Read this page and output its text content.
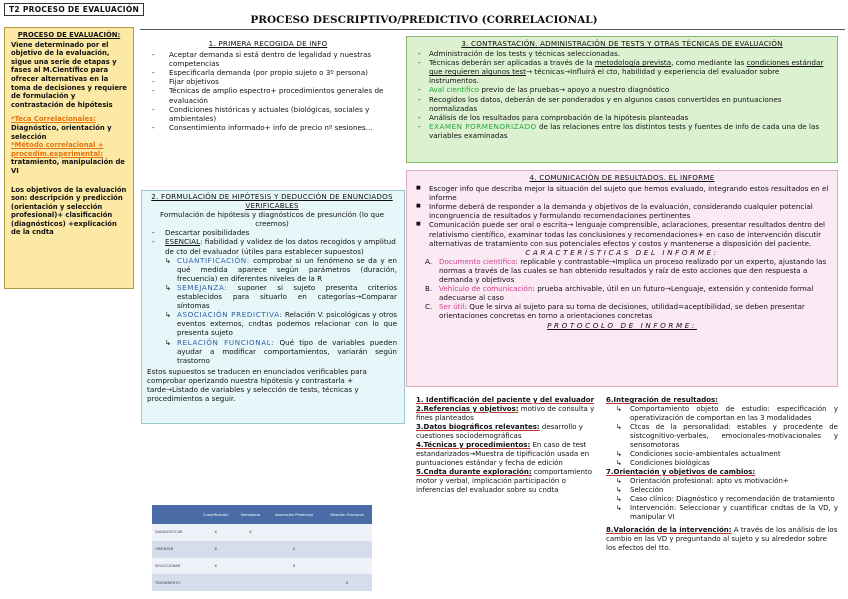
T2 PROCESO DE EVALUACIÓN
PROCESO DESCRIPTIVO/PREDICTIVO (CORRELACIONAL)
PROCESO DE EVALUACIÓN:
Viene determinado por el objetivo de la evaluación, sigue una serie de etapas y fases al M.Científico para ofrecer alternativas en la toma de decisiones y requiere de formulación y contrastación de hipótesis
*Teca Correlacionales:
Diagnóstico, orientación y selección
*Método correlacional + procedim.experimental:
tratamiento, manipulación de VI
Los objetivos de la evaluación son: descripción y predicción (orientación y selección profesional)+ clasificación (diagnósticos) +explicación de la cndta
1. PRIMERA RECOGIDA DE INFO
- Aceptar demanda si está dentro de legalidad y nuestras competencias
- Especificarla demanda (por propio sujeto o 3º persona)
- Fijar objetivos
- Técnicas de amplio espectro+ procedimientos generales de evaluación
- Condiciones históricas y actuales (biológicas, sociales y ambientales)
- Consentimiento informado+ info de precio nº sesiones…
2. FORMULACIÓN DE HIPÓTESIS Y DEDUCCIÓN DE ENUNCIADOS VERIFICABLES
Formulación de hipótesis y diagnósticos de presunción (lo que creemos)
- Descartar posibilidades
- ESENCIAL: fiabilidad y validez de los datos recogidos y amplitud de cto del evaluador (útiles para establecer supuestos)
↳ CUANTIFICACIÓN: comprobar si un fenómeno se da y en qué medida aparece según parámetros (duración, frecuencia) en diferentes niveles de la R
↳ SEMEJANZA: suponer si sujeto presenta criterios establecidos para situarlo en categorías→Comparar síntomas
↳ ASOCIACIÓN PREDICTIVA: Relación V. psicológicas y otros eventos externos, cndtas podemos relacionar con lo que presenta sujeto
↳ RELACIÓN FUNCIONAL: Qué tipo de variables pueden ayudar a modificar comportamientos, variarán según trastorno
Estos supuestos se traducen en enunciados verificables para comprobar operizando nuestra hipótesis y contrastarla + tarde→Listado de variables y selección de tests, técnicas y procedimientos a seguir.
	Cuantificación	Semejanza	Asociación Predictiva	Relación Funcional
DIAGNOSTICAR	X	X		
ORIENTAR	X		X	
SELECCIONAR	X		X	
TRATAMIENTO				X
3. CONTRASTACIÓN. ADMINISTRACIÓN DE TESTS Y OTRAS TÉCNICAS DE EVALUACIÓN
- Administración de los tests y técnicas seleccionadas.
- Técnicas deberán ser aplicadas a través de la metodología prevista, como mediante las condiciones estándar que requieren algunos test→ técnicas→Influirá el cto, habilidad y experiencia del evaluador sobre instrumentos.
- Aval científico previo de las pruebas→ apoyo a nuestro diagnóstico
- Recogidos los datos, deberán de ser ponderados y en algunos casos convertidos en puntuaciones normalizadas
- Análisis de los resultados para comprobación de la hipótesis planteadas
- EXAMEN PORMENORIZADO de las relaciones entre los distintos tests y fuentes de info de cada una de las variables examinadas
4. COMUNICACIÓN DE RESULTADOS. EL INFORME
■ Escoger info que describa mejor la situación del sujeto que hemos evaluado, integrando estos resultados en el informe
■ Informe deberá de responder a la demanda y objetivos de la evaluación, considerando cualquier potencial incongruencia de resultados y formulando recomendaciones pertinentes
■ Comunicación puede ser oral o escrita→ lenguaje comprensible, aclaraciones, presentar resultados dentro del relativismo científico, examinar todas las conclusiones y recomendaciones+ en caso de intervención discutir alternativas de tratamiento con sus potenciales efectos y costos y mantenerse a disposición del paciente.
CARACTERÍSTICAS DEL INFORME:
A. Documento científico: replicable y contrastable→Implica un proceso realizado por un experto, ajustando las normas a través de las cuales se han obtenido resultados y raíz de esto acciones que den respuesta a demanda y objetivos
B. Vehículo de comunicación: prueba archivable, útil en un futuro→Lenguaje, extensión y contenido formal adecuarse al caso
C. Ser útil: Que le sirva al sujeto para su toma de decisiones, utilidad=aceptibilidad, se deben presentar orientaciones concretas en torno a orientaciones concretas
PROTOCOLO DE INFORME:
1. Identificación del paciente y del evaluador
2.Referencias y objetivos: motivo de consulta y fines planteados
3.Datos biográficos relevantes: desarrollo y cuestiones sociodemográficas
4.Técnicas y procedimientos: En caso de test estandarizados→Muestra de tipificación usada en puntuaciones estándar y fecha de edición
5.Cndta durante exploración: comportamiento motor y verbal, implicación participación o inferencias del evaluador sobre su cndta
6.Integración de resultados:
↳ Comportamiento objeto de estudio: especificación y operativización de comportan en las 3 modalidades
↳ Ctcas de la personalidad: estables y procedente de sistcognitivo-verbales, emocionales-motivacionales y sensomotoras
↳ Condiciones socio-ambientales actualment
↳ Condiciones biológicas
7.Orientación y objetivos de cambios:
↳ Orientación profesional: apto vs motivación+
↳ Selección
↳ Caso clínico: Diagnóstico y recomendación de tratamiento
↳ Intervención: Seleccionar y cuantificar cndtas de la VD, y manipular VI
8.Valoración de la intervención: A través de los análisis de los cambio en las VD y preguntando al sujeto y su alrededor sobre los efectos del tto.
